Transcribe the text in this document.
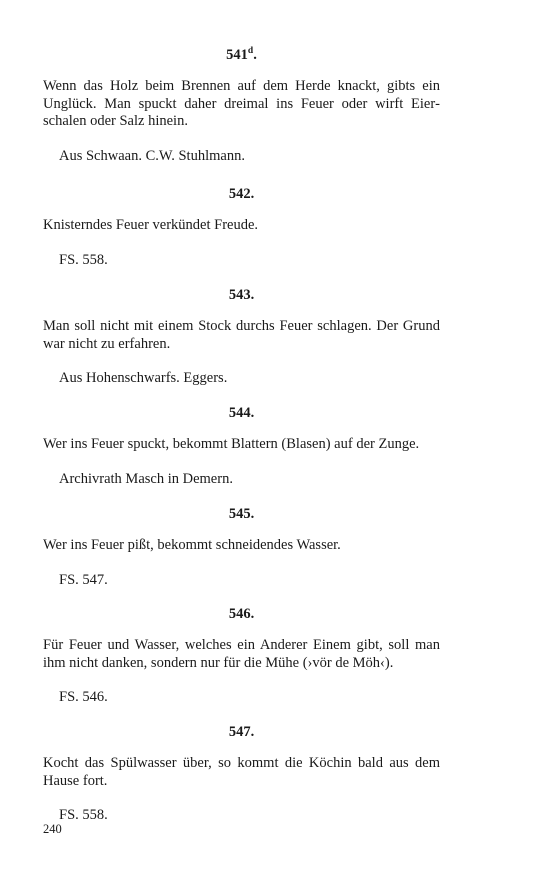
541$^d$.
Wenn das Holz beim Brennen auf dem Herde knackt, gibts ein Unglück. Man spuckt daher dreimal ins Feuer oder wirft Eierschalen oder Salz hinein.
Aus Schwaan. C.W. Stuhlmann.
542.
Knisterndes Feuer verkündet Freude.
FS. 558.
543.
Man soll nicht mit einem Stock durchs Feuer schlagen. Der Grund war nicht zu erfahren.
Aus Hohenschwarfs. Eggers.
544.
Wer ins Feuer spuckt, bekommt Blattern (Blasen) auf der Zunge.
Archivrath Masch in Demern.
545.
Wer ins Feuer pißt, bekommt schneidendes Wasser.
FS. 547.
546.
Für Feuer und Wasser, welches ein Anderer Einem gibt, soll man ihm nicht danken, sondern nur für die Mühe (›vör de Möh‹).
FS. 546.
547.
Kocht das Spülwasser über, so kommt die Köchin bald aus dem Hause fort.
FS. 558.
240
